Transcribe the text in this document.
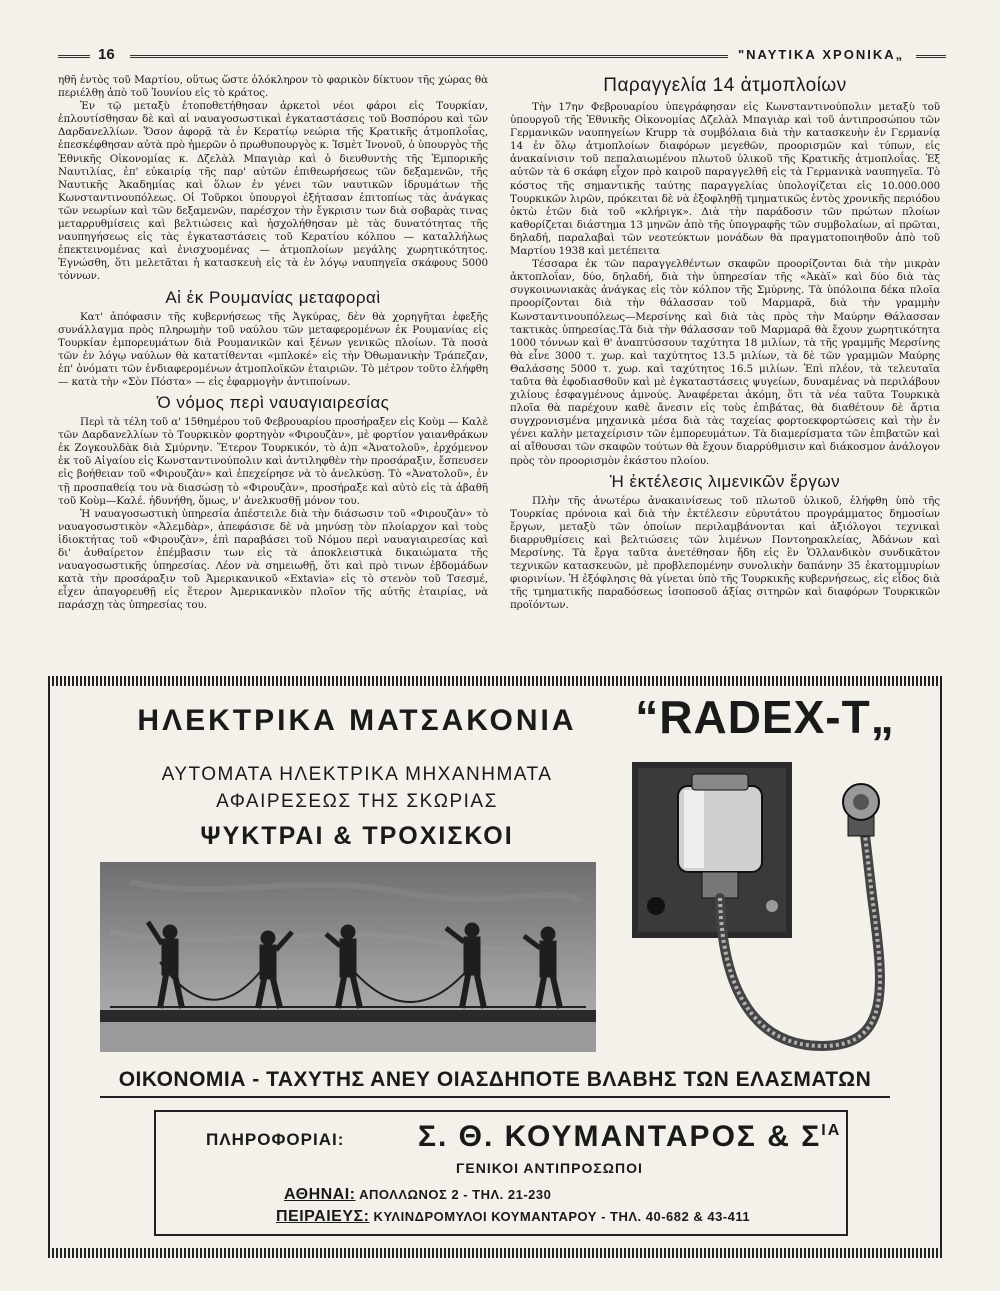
16	"ΝΑΥΤΙΚΑ ΧΡΟΝΙΚΑ„

ηθῆ ἐντὸς τοῦ Μαρτίου, οὕτως ὥστε ὁλόκληρον τὸ φαρικὸν δίκτυον τῆς χώρας θὰ περιέλθῃ ἀπὸ τοῦ Ἰουνίου εἰς τὸ κράτος.

Ἐν τῷ μεταξὺ ἐτοποθετήθησαν ἀρκετοὶ νέοι φάροι εἰς Τουρκίαν, ἐπλουτίσθησαν δὲ καὶ αἱ ναυαγοσωστικαὶ ἐγκαταστάσεις τοῦ Βοσπόρου καὶ τῶν Δαρδανελλίων. Ὅσον ἀφορᾷ τὰ ἐν Κερατίῳ νεώρια τῆς Κρατικῆς ἀτμοπλοΐας, ἐπεσκέφθησαν αὐτὰ πρὸ ἡμερῶν ὁ πρωθυπουργὸς κ. Ἰσμὲτ Ἰνονοῦ, ὁ ὑπουργὸς τῆς Ἐθνικῆς Οἰκονομίας κ. Δζελὰλ Μπαγιὰρ καὶ ὁ διευθυντὴς τῆς Ἐμπορικῆς Ναυτιλίας, ἐπ' εὐκαιρίᾳ τῆς παρ' αὐτῶν ἐπιθεωρήσεως τῶν δεξαμενῶν, τῆς Ναυτικῆς Ἀκαδημίας καὶ ὅλων ἐν γένει τῶν ναυτικῶν ἱδρυμάτων τῆς Κωνσταντινουπόλεως. Οἱ Τοῦρκοι ὑπουργοὶ ἐξήτασαν ἐπιτοπίως τὰς ἀνάγκας τῶν νεωρίων καὶ τῶν δεξαμενῶν, παρέσχον τὴν ἔγκρισιν των διὰ σοβαρὰς τινας μεταρρυθμίσεις καὶ βελτιώσεις καὶ ἠσχολήθησαν μὲ τὰς δυνατότητας τῆς ναυπηγήσεως εἰς τὰς ἐγκαταστάσεις τοῦ Κερατίου κόλπου — καταλλήλως ἐπεκτεινομένας καὶ ἐνισχυομένας — ἀτμοπλοίων μεγάλης χωρητικότητος. Ἐγνώσθη, ὅτι μελετᾶται ἡ κατασκευὴ εἰς τὰ ἐν λόγῳ ναυπηγεῖα σκάφους 5000 τόννων.

Αἱ ἐκ Ρουμανίας μεταφοραὶ

Κατ' ἀπόφασιν τῆς κυβερνήσεως τῆς Ἀγκύρας, δὲν θὰ χορηγῆται ἐφεξῆς συνάλλαγμα πρὸς πληρωμὴν τοῦ ναύλου τῶν μεταφερομένων ἐκ Ρουμανίας εἰς Τουρκίαν ἐμπορευμάτων διὰ Ρουμανικῶν καὶ ξένων γενικῶς πλοίων. Τὰ ποσὰ τῶν ἐν λόγῳ ναύλων θὰ κατατίθενται «μπλοκέ» εἰς τὴν Ὀθωμανικὴν Τράπεζαν, ἐπ' ὀνόματι τῶν ἐνδιαφερομένων ἀτμοπλοϊκῶν ἑταιριῶν. Τὸ μέτρον τοῦτο ἐλήφθη — κατὰ τὴν «Σὸν Πόστα» — εἰς ἐφαρμογὴν ἀντιποίνων.

Ὁ νόμος περὶ ναυαγιαιρεσίας

Περὶ τὰ τέλη τοῦ α' 15θημέρου τοῦ Φεβρουαρίου προσήραξεν εἰς Κοὺμ — Καλὲ τῶν Δαρδανελλίων τὸ Τουρκικὸν φορτηγὸν «Φιρουζὰν», μὲ φορτίον γαιανθράκων ἐκ Ζογκουλδὰκ διὰ Σμύρνην. Ἕτερον Τουρκικόν, τὸ ἀ)π «Ἀνατολοῦ», ἐρχόμενον ἐκ τοῦ Αἰγαίου εἰς Κωνσταντινούπολιν καὶ ἀντιληφθὲν τὴν προσάραξιν, ἔσπευσεν εἰς βοήθειαν τοῦ «Φιρουζὰν» καὶ ἐπεχείρησε νὰ τὸ ἀνελκύσῃ. Τὸ «Ἀνατολοῦ», ἐν τῇ προσπαθείᾳ του νὰ διασώσῃ τὸ «Φιρουζὰν», προσήραξε καὶ αὐτὸ εἰς τὰ ἀβαθῆ τοῦ Κοὺμ—Καλέ. ἠδυνήθη, ὅμως, ν' ἀνελκυσθῇ μόνον του.

Ἡ ναυαγοσωστικὴ ὑπηρεσία ἀπέστειλε διὰ τὴν διάσωσιν τοῦ «Φιρουζὰν» τὸ ναυαγοσωστικὸν «Ἀλεμδὰρ», ἀπεφάσισε δὲ νὰ μηνύσῃ τὸν πλοίαρχον καὶ τοὺς ἰδιοκτήτας τοῦ «Φιρουζὰν», ἐπὶ παραβάσει τοῦ Νόμου περὶ ναυαγιαιρεσίας καὶ δι' ἀυθαίρετον ἐπέμβασιν των εἰς τὰ ἀποκλειστικὰ δικαιώματα τῆς ναυαγοσωστικῆς ὑπηρεσίας. Λέον νὰ σημειωθῇ, ὅτι καὶ πρὸ τινων ἑβδομάδων κατὰ τὴν προσάραξιν τοῦ Ἀμερικανικοῦ «Extavia» εἰς τὸ στενὸν τοῦ Τσεσμέ, εἶχεν ἀπαγορευθῇ εἰς ἕτερον Ἀμερικανικὸν πλοῖον τῆς αὐτῆς ἑταιρίας, νὰ παράσχῃ τὰς ὑπηρεσίας του.

Παραγγελία 14 ἀτμοπλοίων

Τὴν 17ην Φεβρουαρίου ὑπεγράφησαν εἰς Κωνσταντινούπολιν μεταξὺ τοῦ ὑπουργοῦ τῆς Ἐθνικῆς Οἰκονομίας Δζελὰλ Μπαγιὰρ καὶ τοῦ ἀντιπροσώπου τῶν Γερμανικῶν ναυπηγείων Krupp τὰ συμβόλαια διὰ τὴν κατασκευὴν ἐν Γερμανίᾳ 14 ἐν ὅλῳ ἀτμοπλοίων διαφόρων μεγεθῶν, προορισμῶν καὶ τύπων, εἰς ἀνακαίνισιν τοῦ πεπαλαιωμένου πλωτοῦ ὑλικοῦ τῆς Κρατικῆς ἀτμοπλοΐας. Ἐξ αὐτῶν τὰ 6 σκάφη εἶχον πρὸ καιροῦ παραγγελθῆ εἰς τὰ Γερμανικὰ ναυπηγεῖα. Τὸ κόστος τῆς σημαντικῆς ταύτης παραγγελίας ὑπολογίζεται εἰς 10.000.000 Τουρκικῶν λιρῶν, πρόκειται δὲ νὰ ἐξοφληθῇ τμηματικῶς ἐντὸς χρονικῆς περιόδου ὀκτὼ ἐτῶν διὰ τοῦ «κλήριγκ». Διὰ τὴν παράδοσιν τῶν πρώτων πλοίων καθορίζεται διάστημα 13 μηνῶν ἀπὸ τῆς ὑπογραφῆς τῶν συμβολαίων, αἱ πρῶται, δηλαδή, παραλαβαὶ τῶν νεοτεύκτων μονάδων θὰ πραγματοποιηθοῦν ἀπὸ τοῦ Μαρτίου 1938 καὶ μετέπειτα

Τέσσαρα ἐκ τῶν παραγγελθέντων σκαφῶν προορίζονται διὰ τὴν μικρὰν ἀκτοπλοΐαν, δύο, δηλαδή, διὰ τὴν ὑπηρεσίαν τῆς «Ἀκὰϊ» καὶ δύο διὰ τὰς συγκοινωνιακὰς ἀνάγκας εἰς τὸν κόλπον τῆς Σμύρνης. Τὰ ὑπόλοιπα δέκα πλοῖα προορίζονται διὰ τὴν θάλασσαν τοῦ Μαρμαρᾶ, διὰ τὴν γραμμὴν Κωνσταντινουπόλεως—Μερσίνης καὶ διὰ τὰς πρὸς τὴν Μαύρην Θάλασσαν τακτικὰς ὑπηρεσίας.Τὰ διὰ τὴν θάλασσαν τοῦ Μαρμαρᾶ θὰ ἔχουν χωρητικότητα 1000 τόννων καὶ θ' ἀναπτύσσουν ταχύτητα 18 μιλίων, τὰ τῆς γραμμῆς Μερσίνης θὰ εἶνε 3000 τ. χωρ. καὶ ταχύτητος 13.5 μιλίων, τὰ δὲ τῶν γραμμῶν Μαύρης Θαλάσσης 5000 τ. χωρ. καὶ ταχύτητος 16.5 μιλίων. Ἐπὶ πλέον, τὰ τελευταῖα ταῦτα θὰ ἐφοδιασθοῦν καὶ μὲ ἐγκαταστάσεις ψυγείων, δυναμένας νὰ περιλάβουν χιλίους ἐσφαγμένους ἀμνούς. Ἀναφέρεται ἀκόμη, ὅτι τὰ νέα ταῦτα Τουρκικὰ πλοῖα θὰ παρέχουν καθὲ ἄνεσιν εἰς τοὺς ἐπιβάτας, θὰ διαθέτουν δὲ ἄρτια συγχρονισμένα μηχανικὰ μέσα διὰ τὰς ταχείας φορτοεκφορτώσεις καὶ τὴν ἐν γένει καλὴν μεταχείρισιν τῶν ἐμπορευμάτων. Τὰ διαμερίσματα τῶν ἐπιβατῶν καὶ αἱ αἴθουσαι τῶν σκαφῶν τούτων θὰ ἔχουν διαρρύθμισιν καὶ διάκοσμον ἀνάλογον πρὸς τὸν προορισμὸν ἑκάστου πλοίου.

Ἡ ἐκτέλεσις λιμενικῶν ἔργων

Πλὴν τῆς ἀνωτέρω ἀνακαινίσεως τοῦ πλωτοῦ ὑλικοῦ, ἐλήφθη ὑπὸ τῆς Τουρκίας πρόνοια καὶ διὰ τὴν ἐκτέλεσιν εὐρυτάτου προγράμματος δημοσίων ἔργων, μεταξὺ τῶν ὁποίων περιλαμβάνονται καὶ ἀξιόλογοι τεχνικαὶ διαρρυθμίσεις καὶ βελτιώσεις τῶν λιμένων Ποντοηρακλείας, Ἀδάνων καὶ Μερσίνης. Τὰ ἔργα ταῦτα ἀνετέθησαν ἤδη εἰς ἓν Ὁλλανδικὸν συνδικᾶτον τεχνικῶν κατασκευῶν, μὲ προβλεπομένην συνολικὴν δαπάνην 35 ἑκατομμυρίων φιορινίων. Ἡ ἐξόφλησις θὰ γίνεται ὑπὸ τῆς Τουρκικῆς κυβερνήσεως, εἰς εἶδος διὰ τῆς τμηματικῆς παραδόσεως ἰσοποσοῦ ἀξίας σιτηρῶν καὶ διαφόρων Τουρκικῶν προϊόντων.

ΗΛΕΚΤΡΙΚΑ ΜΑΤΣΑΚΟΝΙΑ	“RADEX-T„
ΑΥΤΟΜΑΤΑ ΗΛΕΚΤΡΙΚΑ ΜΗΧΑΝΗΜΑΤΑ
ΑΦΑΙΡΕΣΕΩΣ ΤΗΣ ΣΚΩΡΙΑΣ
ΨΥΚΤΡΑΙ & ΤΡΟΧΙΣΚΟΙ
ΟΙΚΟΝΟΜΙΑ - ΤΑΧΥΤΗΣ ΑΝΕΥ ΟΙΑΣΔΗΠΟΤΕ ΒΛΑΒΗΣ ΤΩΝ ΕΛΑΣΜΑΤΩΝ
ΠΛΗΡΟΦΟΡΙΑΙ: Σ. Θ. ΚΟΥΜΑΝΤΑΡΟΣ & $\Sigma^{IA}$
ΓΕΝΙΚΟΙ ΑΝΤΙΠΡΟΣΩΠΟΙ
ΑΘΗΝΑΙ: ΑΠΟΛΛΩΝΟΣ 2 - ΤΗΛ. 21-230
ΠΕΙΡΑΙΕΥΣ: ΚΥΛΙΝΔΡΟΜΥΛΟΙ ΚΟΥΜΑΝΤΑΡΟΥ - ΤΗΛ. 40-682 & 43-411
